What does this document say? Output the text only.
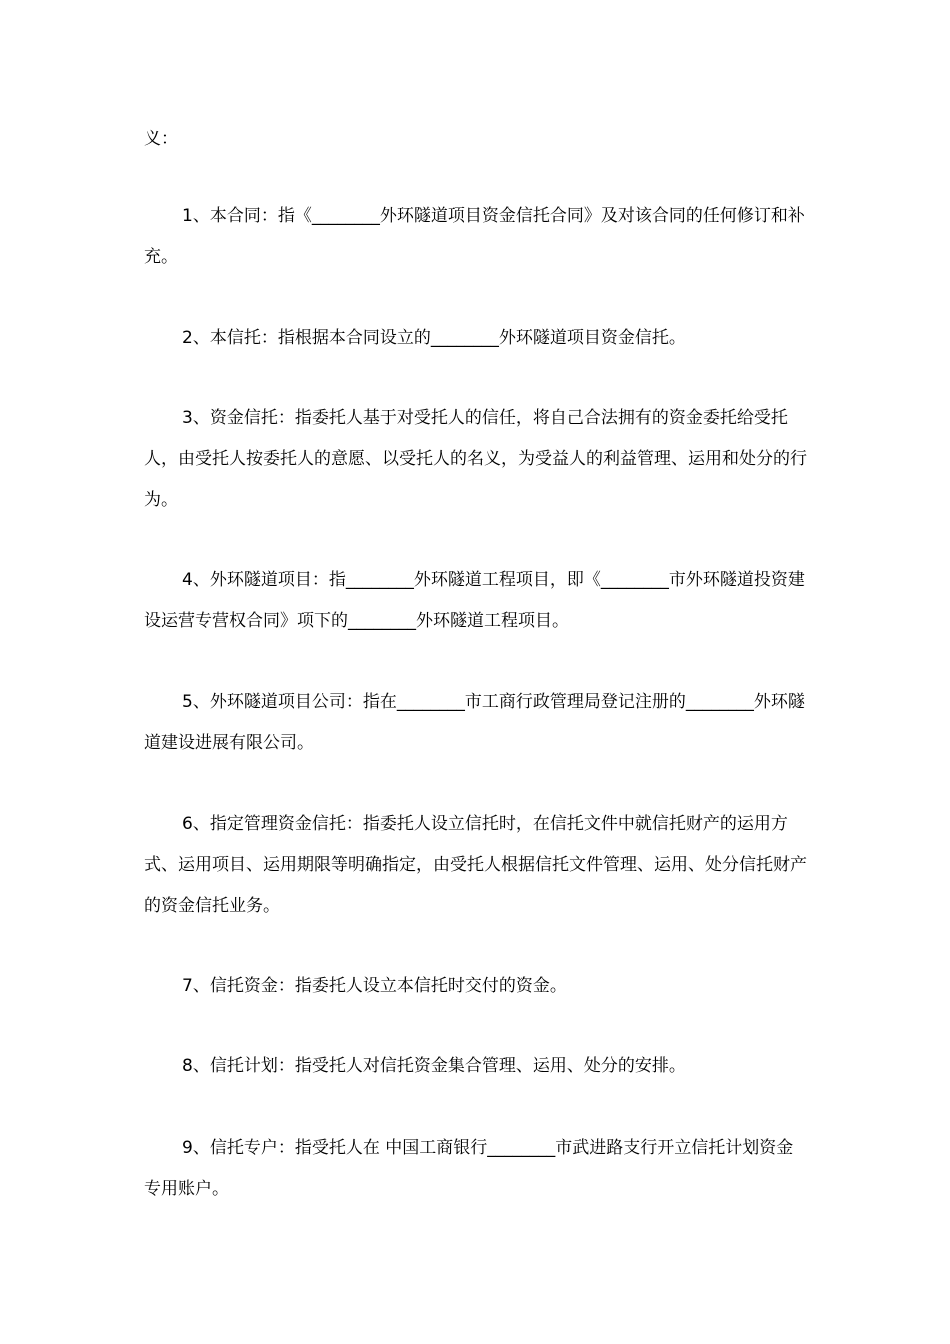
义：

1、本合同：指《________外环隧道项目资金信托合同》及对该合同的任何修订和补充。

2、本信托：指根据本合同设立的________外环隧道项目资金信托。

3、资金信托：指委托人基于对受托人的信任，将自己合法拥有的资金委托给受托人，由受托人按委托人的意愿、以受托人的名义，为受益人的利益管理、运用和处分的行为。

4、外环隧道项目：指________外环隧道工程项目，即《________市外环隧道投资建设运营专营权合同》项下的________外环隧道工程项目。

5、外环隧道项目公司：指在________市工商行政管理局登记注册的________外环隧道建设进展有限公司。

6、指定管理资金信托：指委托人设立信托时，在信托文件中就信托财产的运用方式、运用项目、运用期限等明确指定，由受托人根据信托文件管理、运用、处分信托财产的资金信托业务。

7、信托资金：指委托人设立本信托时交付的资金。

8、信托计划：指受托人对信托资金集合管理、运用、处分的安排。

9、信托专户：指受托人在 中国工商银行________市武进路支行开立信托计划资金专用账户。
